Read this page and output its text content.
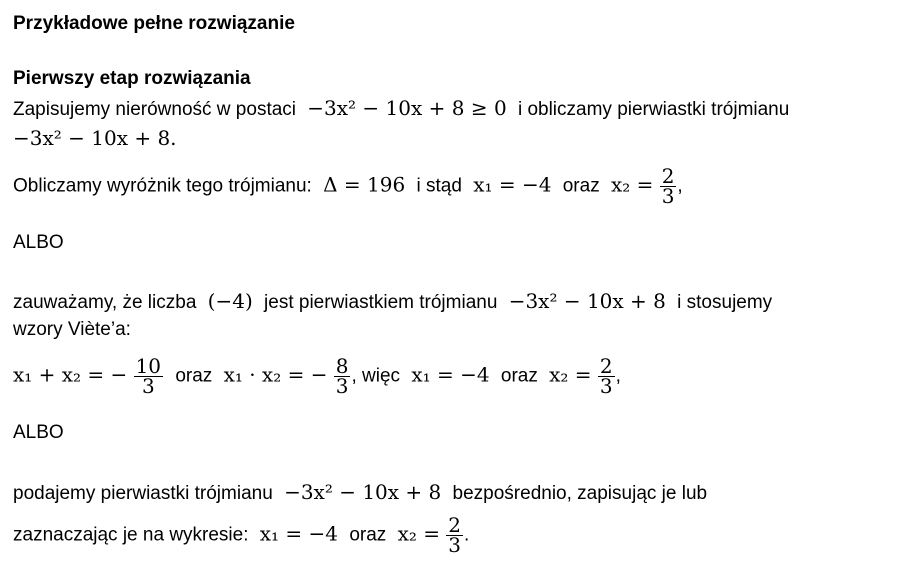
Przykładowe pełne rozwiązanie
Pierwszy etap rozwiązania
Zapisujemy nierówność w postaci −3x² − 10x + 8 ≥ 0 i obliczamy pierwiastki trójmianu
−3x² − 10x + 8.
Obliczamy wyróżnik tego trójmianu: Δ = 196 i stąd x₁ = −4 oraz $x_2 = \frac{2}{3}$ ,
ALBO
zauważamy, że liczba (−4) jest pierwiastkiem trójmianu −3x² − 10x + 8 i stosujemy
wzory Viète’a:
x₁ + x₂ = − $\frac{10}{3}$ oraz x₁ · x₂ = − $\frac{8}{3}$ , więc x₁ = −4 oraz $x_2 = \frac{2}{3}$ ,
ALBO
podajemy pierwiastki trójmianu −3x² − 10x + 8 bezpośrednio, zapisując je lub
zaznaczając je na wykresie: x₁ = −4 oraz $x_2 = \frac{2}{3}$ .
